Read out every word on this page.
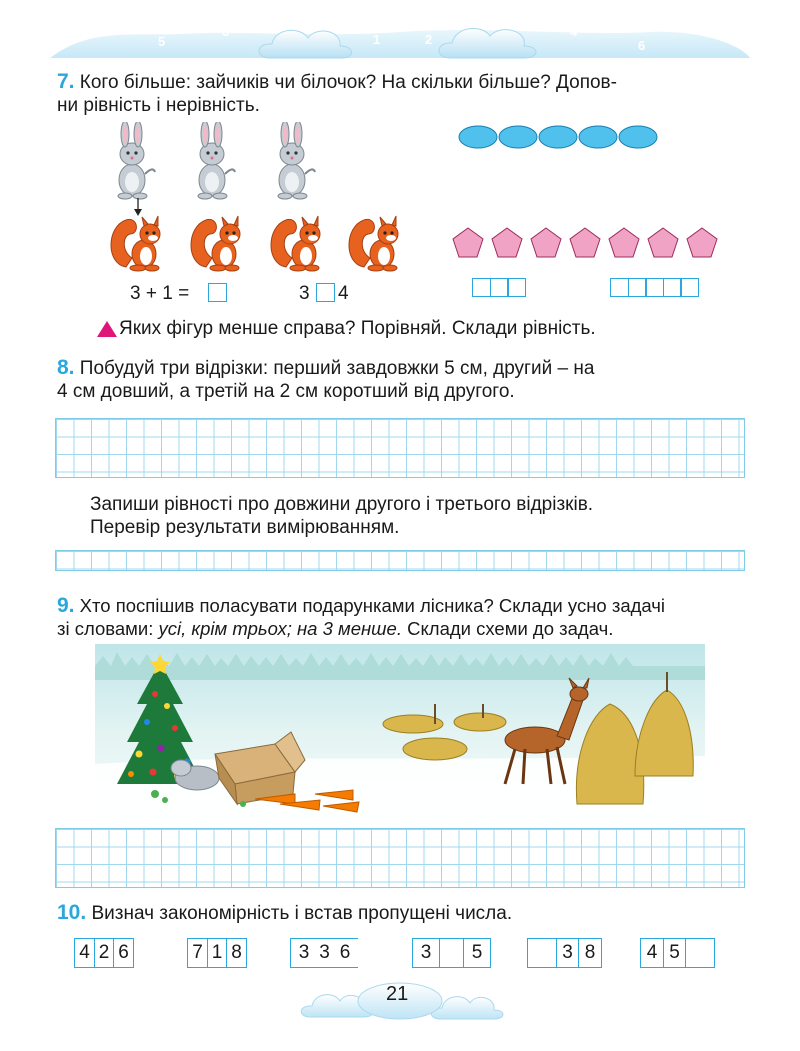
7
5
3
1
0
2
4
6
8
7. Кого більше: зайчиків чи білочок? На скільки більше? Допов-
ни рівність і нерівність.
3 + 1 =	3 4
Яких фігур менше справа? Порівняй. Склади рівність.
8. Побудуй три відрізки: перший завдовжки 5 см, другий – на
4 см довший, а третій на 2 см коротший від другого.
Запиши рівності про довжини другого і третього відрізків.
Перевір результати вимірюванням.
9. Хто поспішив поласувати подарунками лісника? Склади усно задачі
зі словами: усі, крім трьох; на 3 менше. Склади схеми до задач.
10. Визнач закономірність і встав пропущені числа.
4 2 6	7 1 8	3 3 6	3	5	3 8	4 5
21
